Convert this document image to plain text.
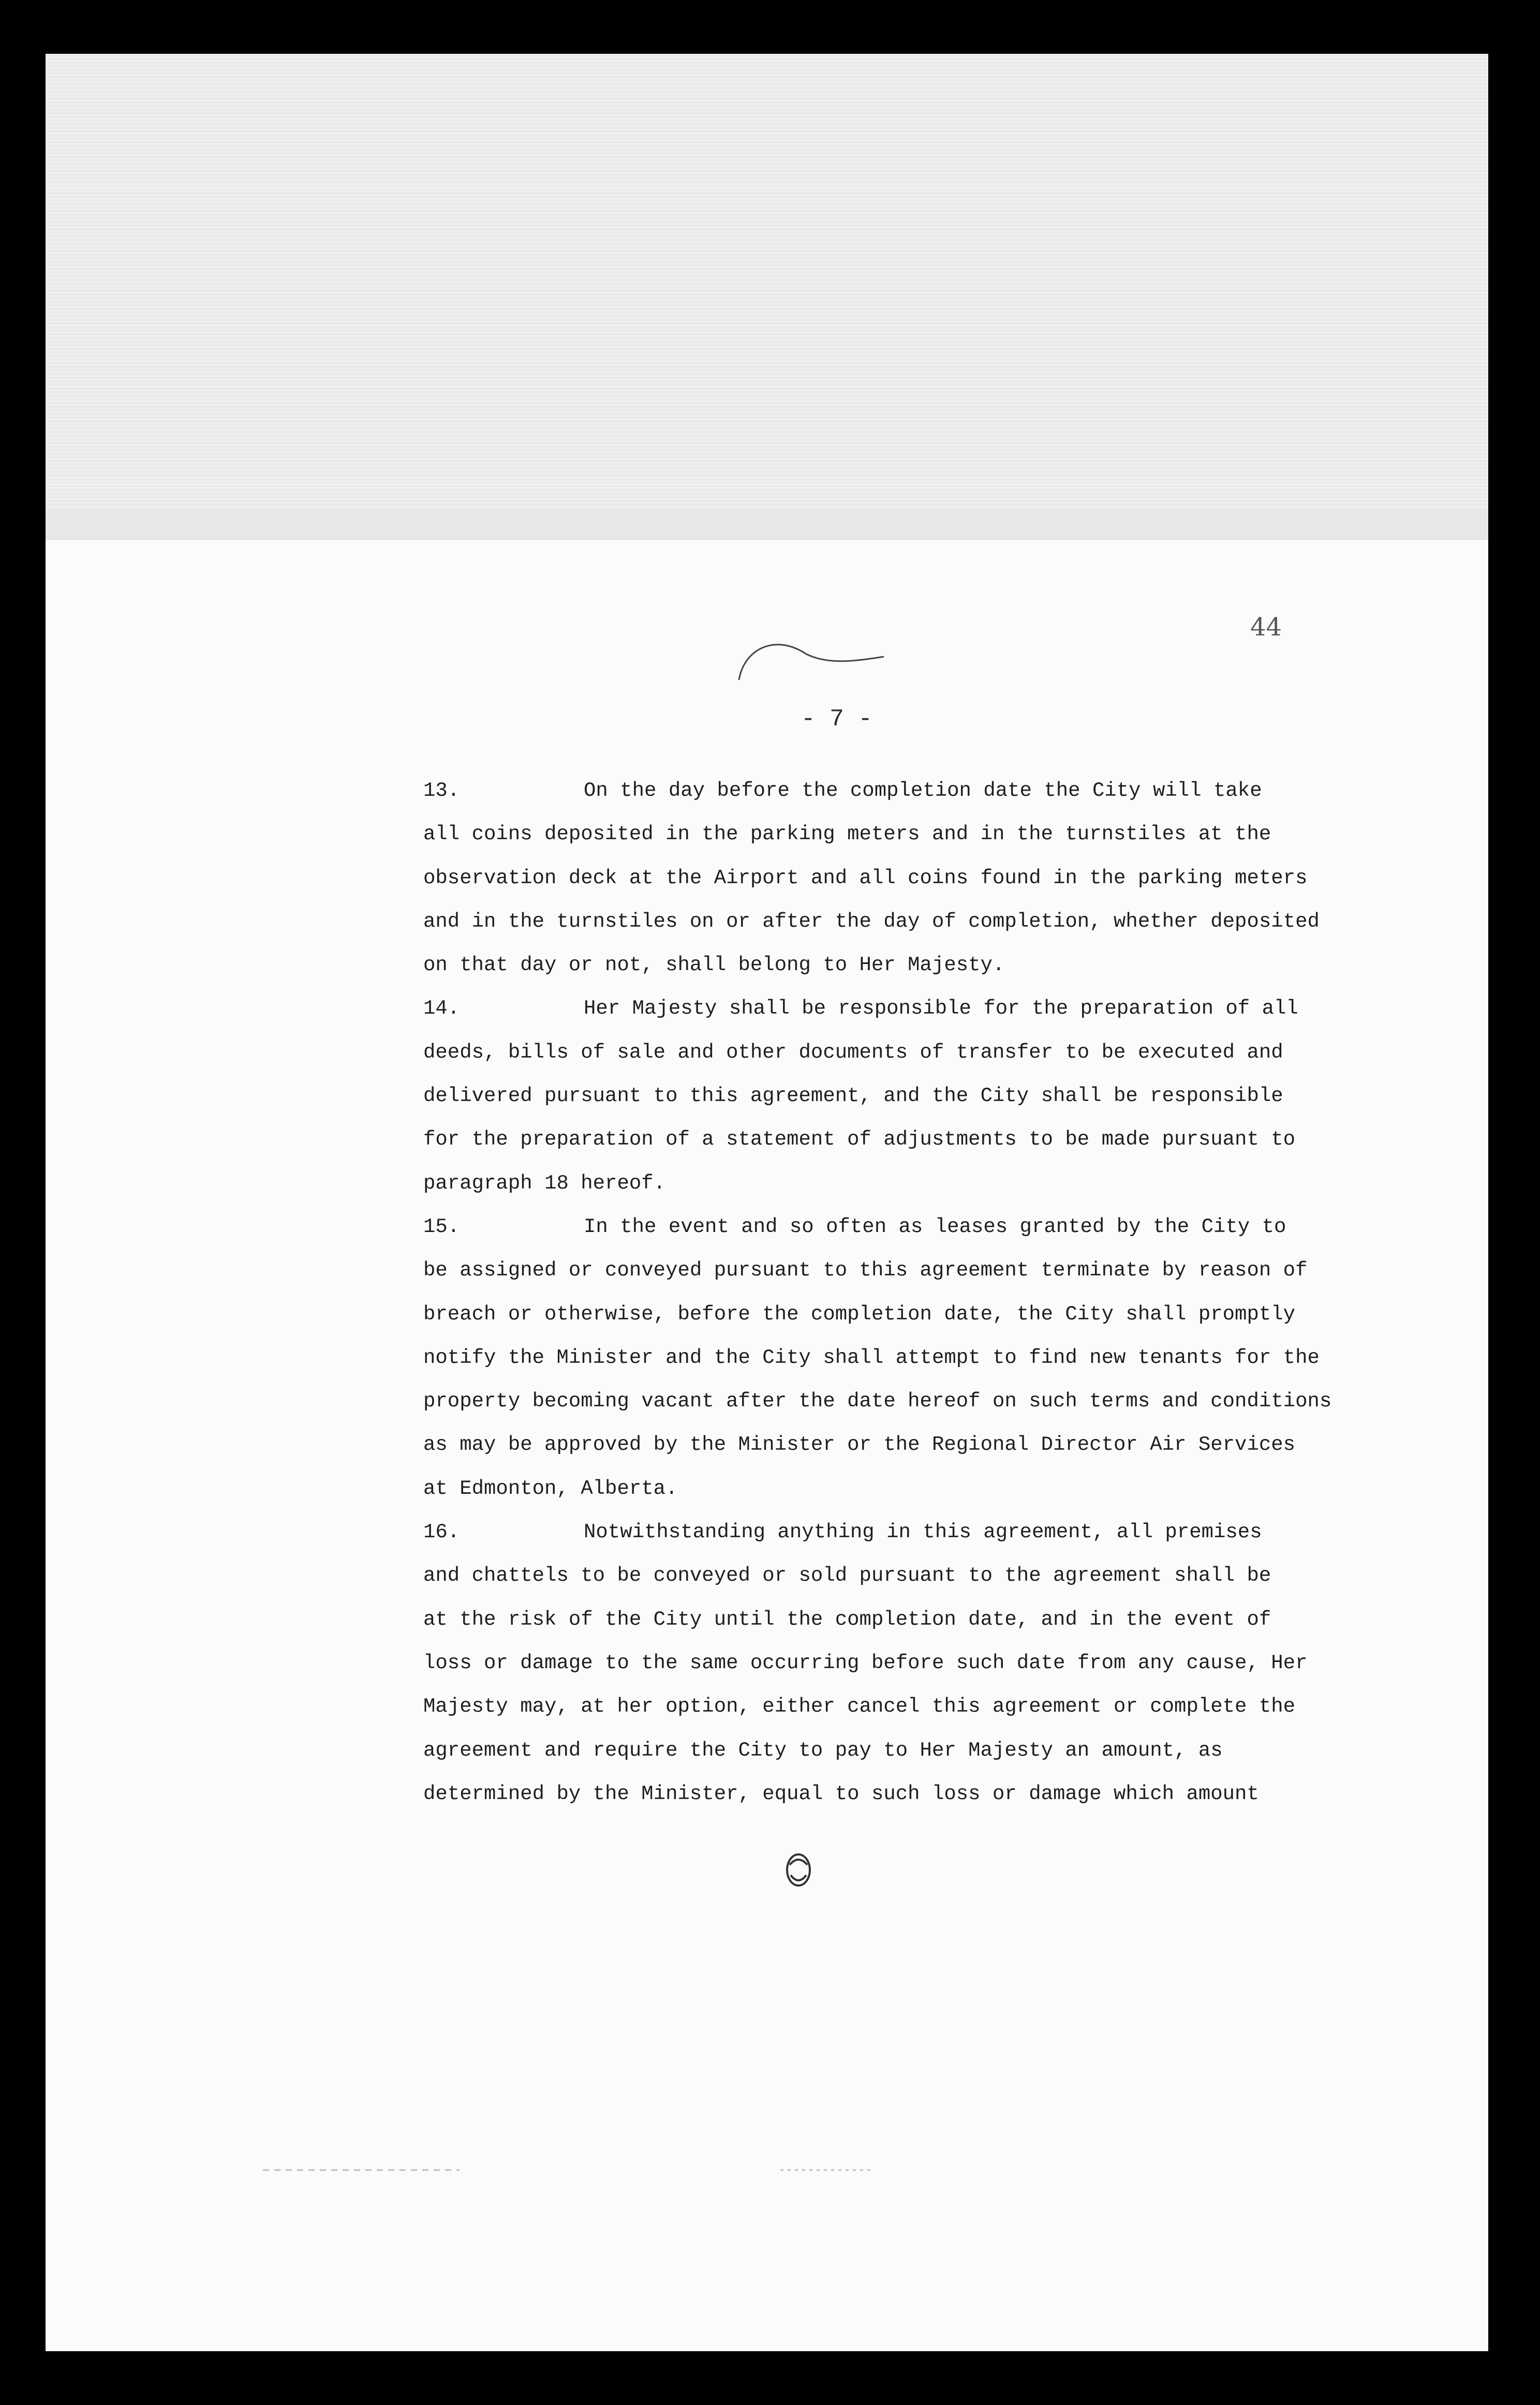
- 7 -
44
13.	On the day before the completion date the City will take
all coins deposited in the parking meters and in the turnstiles at the
observation deck at the Airport and all coins found in the parking meters
and in the turnstiles on or after the day of completion, whether deposited
on that day or not, shall belong to Her Majesty.
14.	Her Majesty shall be responsible for the preparation of all
deeds, bills of sale and other documents of transfer to be executed and
delivered pursuant to this agreement, and the City shall be responsible
for the preparation of a statement of adjustments to be made pursuant to
paragraph 18 hereof.
15.	In the event and so often as leases granted by the City to
be assigned or conveyed pursuant to this agreement terminate by reason of
breach or otherwise, before the completion date, the City shall promptly
notify the Minister and the City shall attempt to find new tenants for the
property becoming vacant after the date hereof on such terms and conditions
as may be approved by the Minister or the Regional Director Air Services
at Edmonton, Alberta.
16.	Notwithstanding anything in this agreement, all premises
and chattels to be conveyed or sold pursuant to the agreement shall be
at the risk of the City until the completion date, and in the event of
loss or damage to the same occurring before such date from any cause, Her
Majesty may, at her option, either cancel this agreement or complete the
agreement and require the City to pay to Her Majesty an amount, as
determined by the Minister, equal to such loss or damage which amount
